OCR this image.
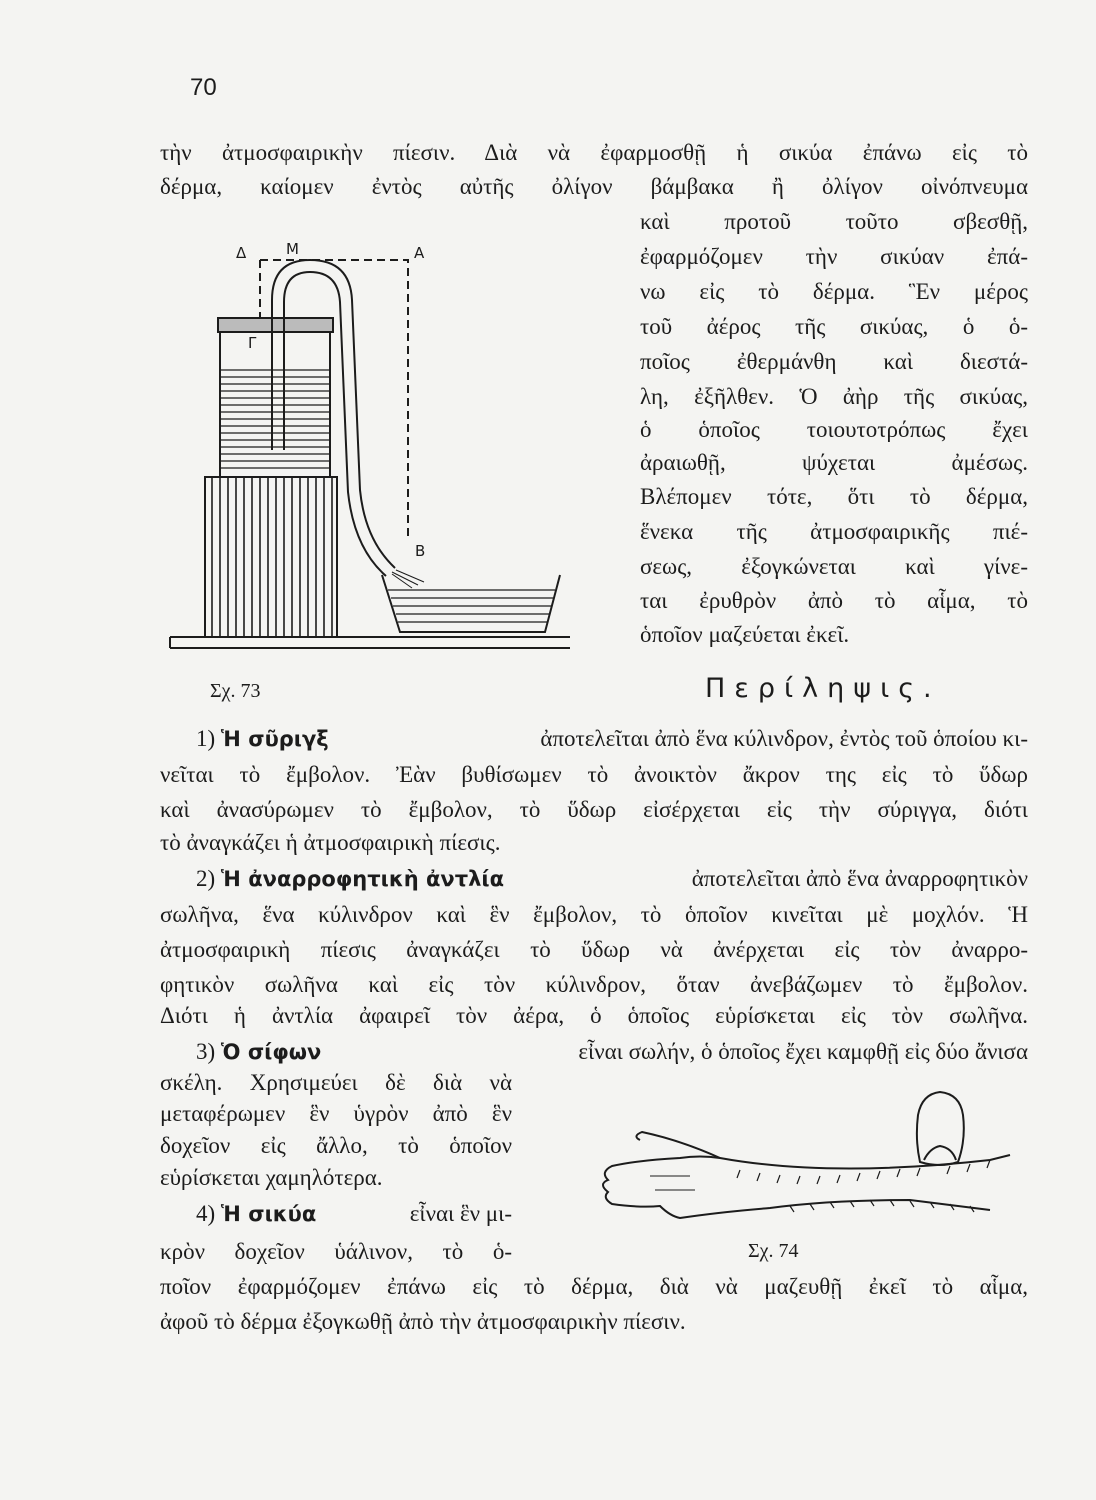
70
τὴν ἀτμοσφαιρικὴν πίεσιν. Διὰ νὰ ἐφαρμοσθῇ ἡ σικύα ἐπάνω εἰς τὸ
δέρμα, καίομεν ἐντὸς αὐτῆς ὀλίγον βάμβακα ἢ ὀλίγον οἰνόπνευμα
καὶ προτοῦ τοῦτο σβεσθῇ,
ἐφαρμόζομεν τὴν σικύαν ἐπά-
νω εἰς τὸ δέρμα. Ἓν μέρος
τοῦ ἀέρος τῆς σικύας, ὁ ὁ-
ποῖος ἐθερμάνθη καὶ διεστά-
λη, ἐξῆλθεν. Ὁ ἀὴρ τῆς σικύας,
ὁ ὁποῖος τοιουτοτρόπως ἔχει
ἀραιωθῇ, ψύχεται ἀμέσως.
Βλέπομεν τότε, ὅτι τὸ δέρμα,
ἕνεκα τῆς ἀτμοσφαιρικῆς πιέ-
σεως, ἐξογκώνεται καὶ γίνε-
ται ἐρυθρὸν ἀπὸ τὸ αἷμα, τὸ
ὁποῖον μαζεύεται ἐκεῖ.
Δ	Μ	Α
Γ
Β
Σχ. 73	Περίληψις.
1) Ἡ σῦριγξ	ἀποτελεῖται ἀπὸ ἕνα κύλινδρον, ἐντὸς τοῦ ὁποίου κι-
νεῖται τὸ ἔμβολον. Ἐὰν βυθίσωμεν τὸ ἀνοικτὸν ἄκρον της εἰς τὸ ὕδωρ
καὶ ἀνασύρωμεν τὸ ἔμβολον, τὸ ὕδωρ εἰσέρχεται εἰς τὴν σύριγγα, διότι
τὸ ἀναγκάζει ἡ ἀτμοσφαιρικὴ πίεσις.
2) Ἡ ἀναρροφητικὴ ἀντλία	ἀποτελεῖται ἀπὸ ἕνα ἀναρροφητικὸν
σωλῆνα, ἕνα κύλινδρον καὶ ἓν ἔμβολον, τὸ ὁποῖον κινεῖται μὲ μοχλόν. Ἡ
ἀτμοσφαιρικὴ πίεσις ἀναγκάζει τὸ ὕδωρ νὰ ἀνέρχεται εἰς τὸν ἀναρρο-
φητικὸν σωλῆνα καὶ εἰς τὸν κύλινδρον, ὅταν ἀνεβάζωμεν τὸ ἔμβολον.
Διότι ἡ ἀντλία ἀφαιρεῖ τὸν ἀέρα, ὁ ὁποῖος εὑρίσκεται εἰς τὸν σωλῆνα.
3) Ὁ σίφων	εἶναι σωλήν, ὁ ὁποῖος ἔχει καμφθῇ εἰς δύο ἄνισα
σκέλη. Χρησιμεύει δὲ διὰ νὰ
μεταφέρωμεν ἓν ὑγρὸν ἀπὸ ἓν
δοχεῖον εἰς ἄλλο, τὸ ὁποῖον
εὑρίσκεται χαμηλότερα.
4) Ἡ σικύα	εἶναι ἓν μι-
κρὸν δοχεῖον ὑάλινον, τὸ ὁ-
ποῖον ἐφαρμόζομεν ἐπάνω εἰς τὸ δέρμα, διὰ νὰ μαζευθῇ ἐκεῖ τὸ αἷμα,
ἀφοῦ τὸ δέρμα ἐξογκωθῇ ἀπὸ τὴν ἀτμοσφαιρικὴν πίεσιν.
Σχ. 74
